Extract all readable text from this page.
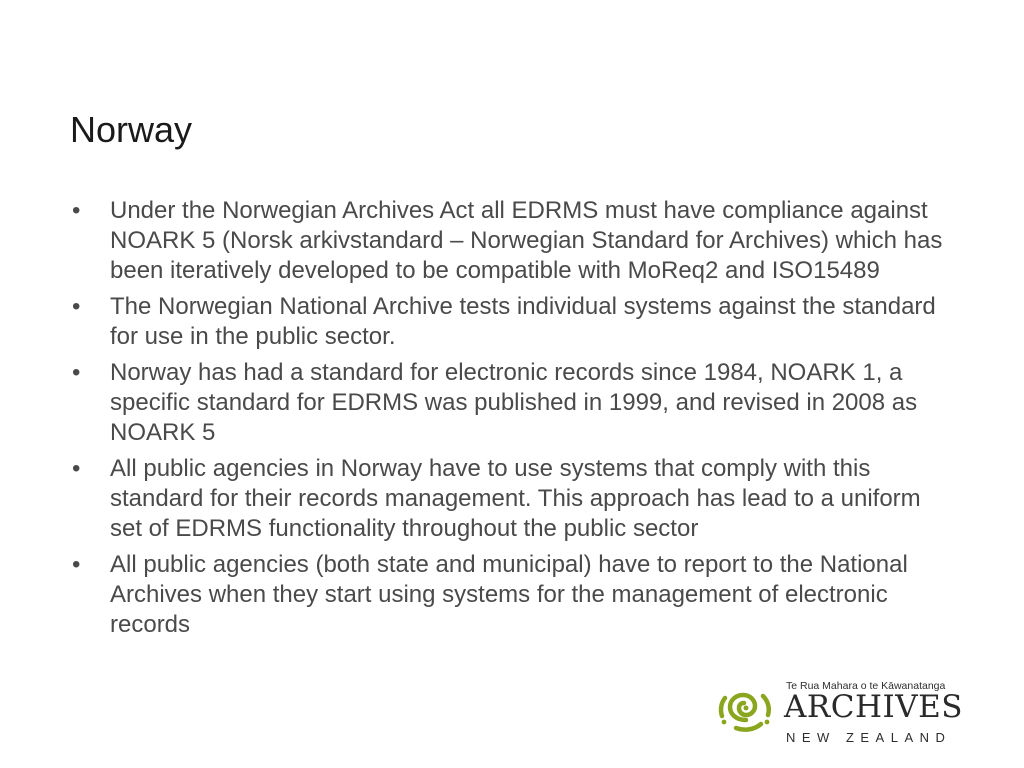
Norway
•	Under the Norwegian Archives Act all EDRMS must have compliance against NOARK 5 (Norsk arkivstandard – Norwegian Standard for Archives) which has been iteratively developed to be compatible with MoReq2 and ISO15489
•	The Norwegian National Archive tests individual systems against the standard for use in the public sector.
•	Norway has had a standard for electronic records since 1984, NOARK 1, a specific standard for EDRMS was published in 1999, and revised in 2008 as NOARK 5
•	All public agencies in Norway have to use systems that comply with this standard for their records management. This approach has lead to a uniform set of EDRMS functionality throughout the public sector
•	All public agencies (both state and municipal) have to report to the National Archives when they start using systems for the management of electronic records
Te Rua Mahara o te Kāwanatanga
ARCHIVES
NEW ZEALAND
